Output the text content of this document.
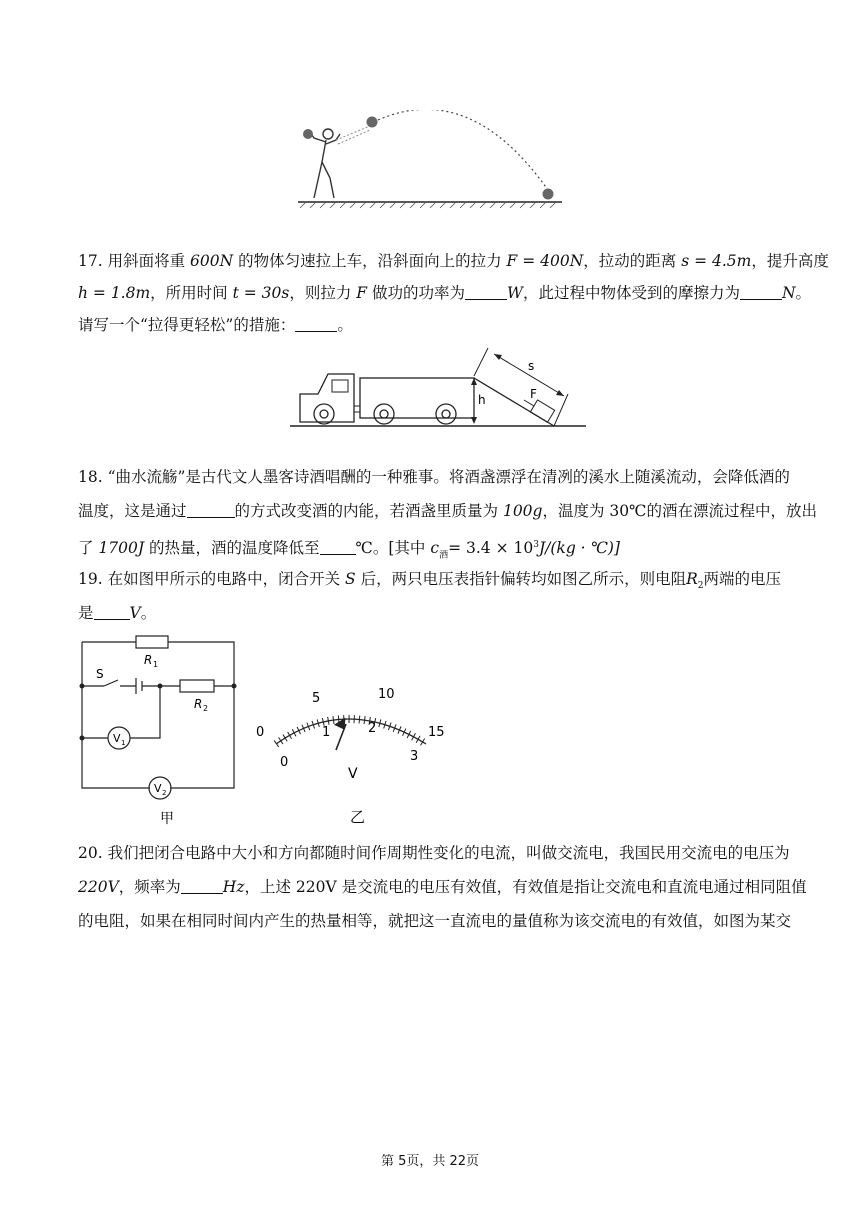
17. 用斜面将重 600N 的物体匀速拉上车，沿斜面向上的拉力 F = 400N，拉动的距离 s = 4.5m，提升高度
h = 1.8m，所用时间 t = 30s，则拉力 F 做功的功率为	W，此过程中物体受到的摩擦力为	N。
请写一个“拉得更轻松”的措施：	。
h
s
F
18. “曲水流觞”是古代文人墨客诗酒唱酬的一种雅事。将酒盏漂浮在清冽的溪水上随溪流动，会降低酒的
温度，这是通过	的方式改变酒的内能，若酒盏里质量为 100g，温度为 30℃的酒在漂流过程中，放出
了 1700J 的热量，酒的温度降低至 ℃。[其中 $c_酒= 3.4 \times 10^3J/(kg$ · ℃)]
19. 在如图甲所示的电路中，闭合开关 S 后，两只电压表指针偏转均如图乙所示，则电阻$R_2$两端的电压
是 V。
R 1
R 2
S
V 1
V 2
甲
0
5	10
15
0
1	2
3
V
乙
20. 我们把闭合电路中大小和方向都随时间作周期性变化的电流，叫做交流电，我国民用交流电的电压为
220V，频率为	Hz，上述 220V 是交流电的电压有效值，有效值是指让交流电和直流电通过相同阻值
的电阻，如果在相同时间内产生的热量相等，就把这一直流电的量值称为该交流电的有效值，如图为某交
第 5页，共 22页
